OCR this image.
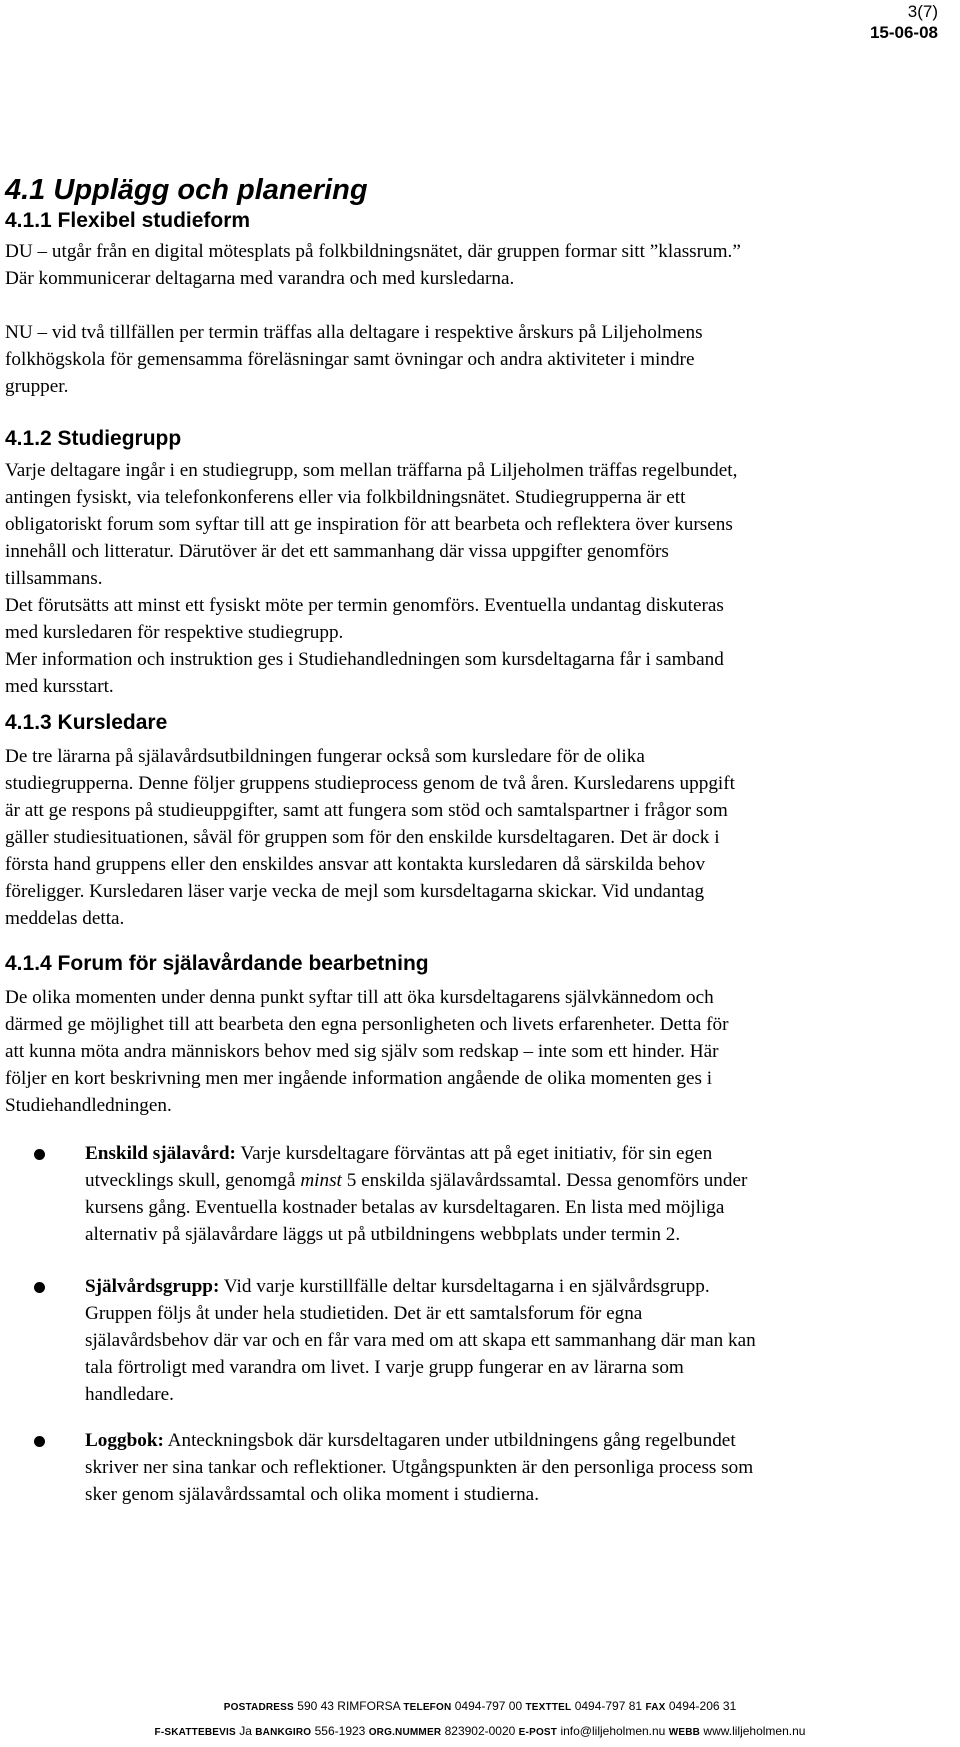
3(7)
15-06-08
4.1 Upplägg och planering
4.1.1 Flexibel studieform

DU – utgår från en digital mötesplats på folkbildningsnätet, där gruppen formar sitt ”klassrum.”
Där kommunicerar deltagarna med varandra och med kursledarna.

NU – vid två tillfällen per termin träffas alla deltagare i respektive årskurs på Liljeholmens
folkhögskola för gemensamma föreläsningar samt övningar och andra aktiviteter i mindre
grupper.

4.1.2 Studiegrupp

Varje deltagare ingår i en studiegrupp, som mellan träffarna på Liljeholmen träffas regelbundet,
antingen fysiskt, via telefonkonferens eller via folkbildningsnätet. Studiegrupperna är ett
obligatoriskt forum som syftar till att ge inspiration för att bearbeta och reflektera över kursens
innehåll och litteratur. Därutöver är det ett sammanhang där vissa uppgifter genomförs
tillsammans.
Det förutsätts att minst ett fysiskt möte per termin genomförs. Eventuella undantag diskuteras
med kursledaren för respektive studiegrupp.
Mer information och instruktion ges i Studiehandledningen som kursdeltagarna får i samband
med kursstart.

4.1.3 Kursledare

De tre lärarna på själavårdsutbildningen fungerar också som kursledare för de olika
studiegrupperna. Denne följer gruppens studieprocess genom de två åren. Kursledarens uppgift
är att ge respons på studieuppgifter, samt att fungera som stöd och samtalspartner i frågor som
gäller studiesituationen, såväl för gruppen som för den enskilde kursdeltagaren. Det är dock i
första hand gruppens eller den enskildes ansvar att kontakta kursledaren då särskilda behov
föreligger. Kursledaren läser varje vecka de mejl som kursdeltagarna skickar. Vid undantag
meddelas detta.

4.1.4 Forum för själavårdande bearbetning

De olika momenten under denna punkt syftar till att öka kursdeltagarens självkännedom och
därmed ge möjlighet till att bearbeta den egna personligheten och livets erfarenheter. Detta för
att kunna möta andra människors behov med sig själv som redskap – inte som ett hinder. Här
följer en kort beskrivning men mer ingående information angående de olika momenten ges i
Studiehandledningen.

Enskild själavård: Varje kursdeltagare förväntas att på eget initiativ, för sin egen
utvecklings skull, genomgå minst 5 enskilda själavårdssamtal. Dessa genomförs under
kursens gång. Eventuella kostnader betalas av kursdeltagaren. En lista med möjliga
alternativ på själavårdare läggs ut på utbildningens webbplats under termin 2.

Självårdsgrupp: Vid varje kurstillfälle deltar kursdeltagarna i en självårdsgrupp.
Gruppen följs åt under hela studietiden. Det är ett samtalsforum för egna
själavårdsbehov där var och en får vara med om att skapa ett sammanhang där man kan
tala förtroligt med varandra om livet. I varje grupp fungerar en av lärarna som
handledare.

Loggbok: Anteckningsbok där kursdeltagaren under utbildningens gång regelbundet
skriver ner sina tankar och reflektioner. Utgångspunkten är den personliga process som
sker genom själavårdssamtal och olika moment i studierna.

POSTADRESS 590 43 RIMFORSA TELEFON 0494-797 00 TEXTTEL 0494-797 81 FAX 0494-206 31
F-SKATTEBEVIS Ja BANKGIRO 556-1923 ORG.NUMMER 823902-0020 E-POST info@liljeholmen.nu WEBB www.liljeholmen.nu
